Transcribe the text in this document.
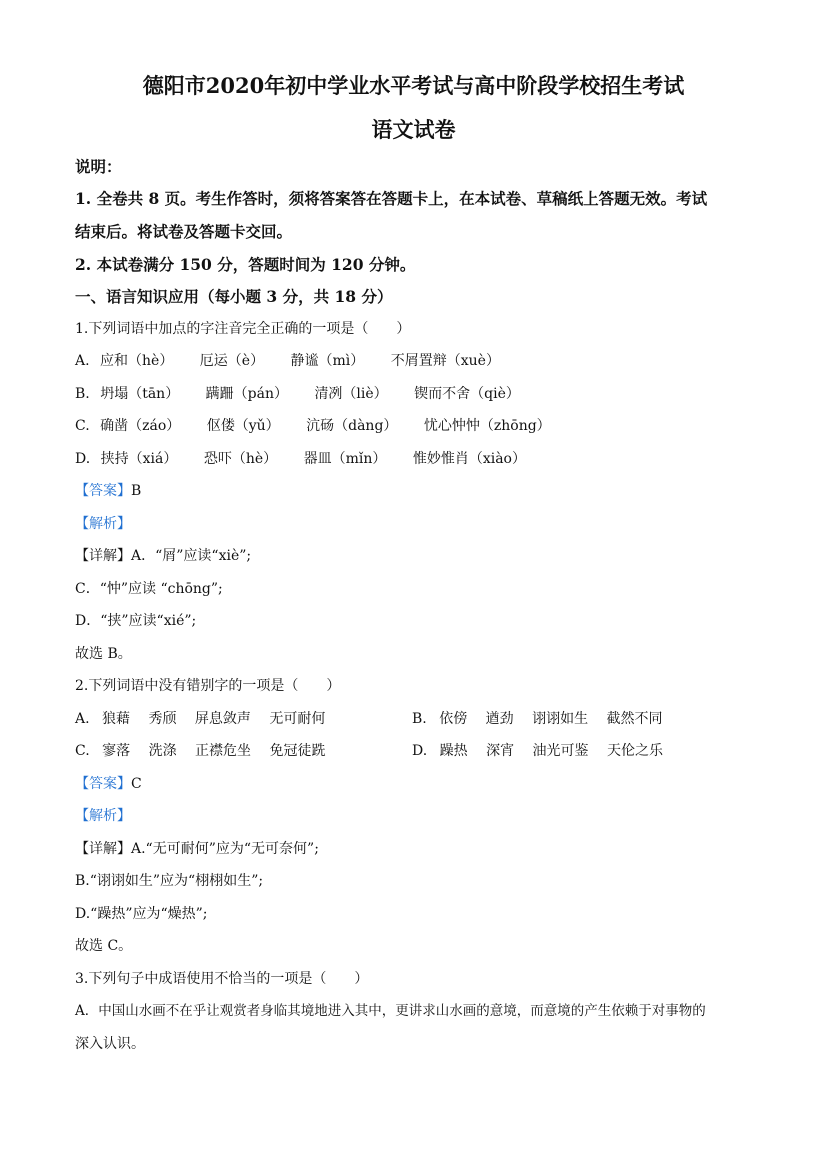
德阳市2020年初中学业水平考试与高中阶段学校招生考试
语文试卷
说明：
1. 全卷共 8 页。考生作答时，须将答案答在答题卡上，在本试卷、草稿纸上答题无效。考试
结束后。将试卷及答题卡交回。
2. 本试卷满分 150 分，答题时间为 120 分钟。
一、语言知识应用（每小题 3 分，共 18 分）
1.下列词语中加点的字注音完全正确的一项是（　　）
A. 应和（hè） 厄运（è） 静谧（mì） 不屑置辩（xuè）
B. 坍塌（tān） 蹒跚（pán） 清冽（liè） 锲而不舍（qiè）
C. 确凿（záo） 伛偻（yǔ） 沆砀（dàng） 忧心忡忡（zhōng）
D. 挟持（xiá） 恐吓（hè） 器皿（mǐn） 惟妙惟肖（xiào）
【答案】B
【解析】
【详解】A．“屑”应读“xiè”;
C．“忡”应读 “chōng”;
D．“挟”应读“xié”;
故选 B。
2.下列词语中没有错别字的一项是（　　）
A. 狼藉　 秀颀　 屏息敛声　 无可耐何	B. 依傍　 遒劲　 诩诩如生　 截然不同
C. 寥落　 洗涤　 正襟危坐　 免冠徒跣	D. 躁热　 深宵　 油光可鉴　 天伦之乐
【答案】C
【解析】
【详解】A.“无可耐何”应为“无可奈何”;
B.“诩诩如生”应为“栩栩如生”;
D.“躁热”应为“燥热”;
故选 C。
3.下列句子中成语使用不恰当的一项是（　　）
A．中国山水画不在乎让观赏者身临其境地进入其中，更讲求山水画的意境，而意境的产生依赖于对事物的
深入认识。
